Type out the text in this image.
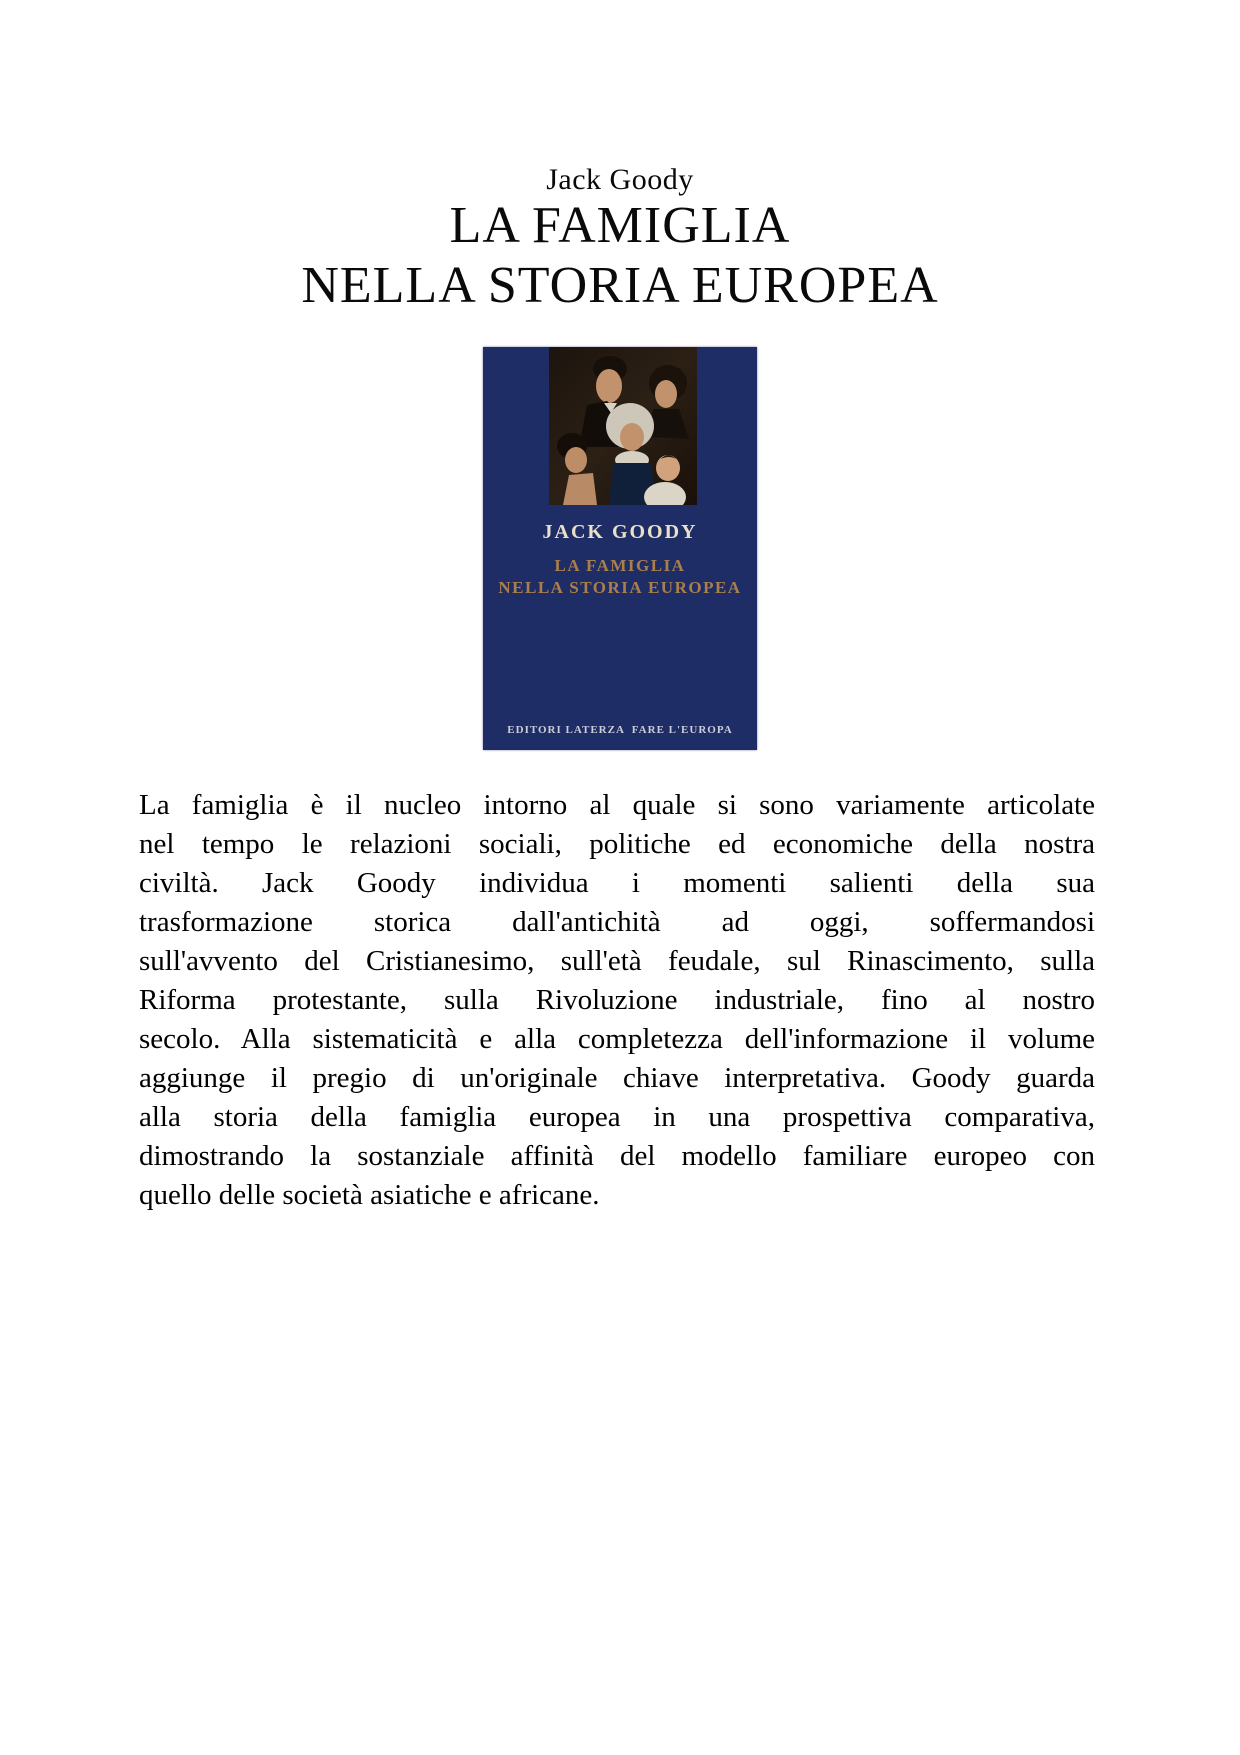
Jack Goody
LA FAMIGLIA
NELLA STORIA EUROPEA
JACK GOODY
LA FAMIGLIA
NELLA STORIA EUROPEA
EDITORI LATERZA  FARE L'EUROPA
La famiglia è il nucleo intorno al quale si sono variamente articolate
nel tempo le relazioni sociali, politiche ed economiche della nostra
civiltà. Jack Goody individua i momenti salienti della sua
trasformazione storica dall'antichità ad oggi, soffermandosi
sull'avvento del Cristianesimo, sull'età feudale, sul Rinascimento, sulla
Riforma protestante, sulla Rivoluzione industriale, fino al nostro
secolo. Alla sistematicità e alla completezza dell'informazione il volume
aggiunge il pregio di un'originale chiave interpretativa. Goody guarda
alla storia della famiglia europea in una prospettiva comparativa,
dimostrando la sostanziale affinità del modello familiare europeo con
quello delle società asiatiche e africane.
